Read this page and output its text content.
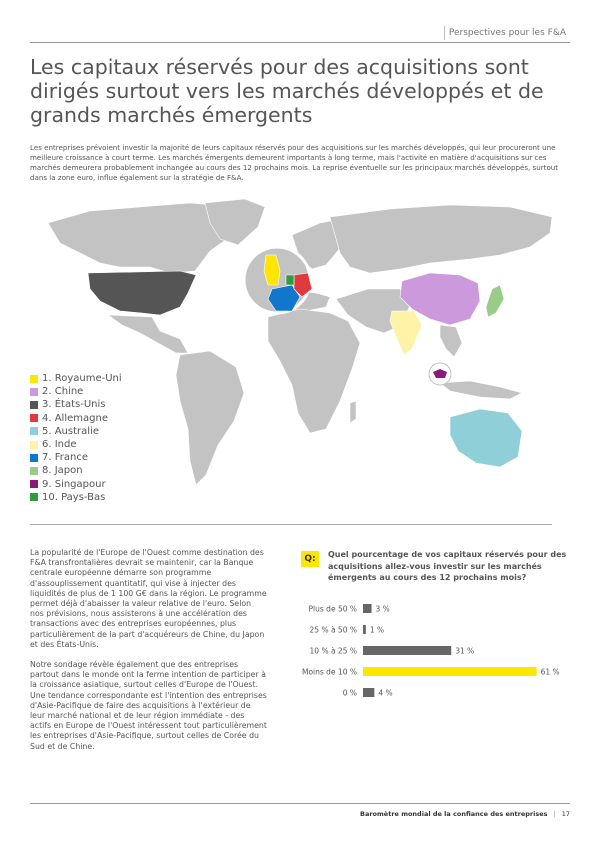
Perspectives pour les F&A
Les capitaux réservés pour des acquisitions sont dirigés surtout vers les marchés développés et de grands marchés émergents

Les entreprises prévoient investir la majorité de leurs capitaux réservés pour des acquisitions sur les marchés développés, qui leur procureront une meilleure croissance à court terme. Les marchés émergents demeurent importants à long terme, mais l'activité en matière d'acquisitions sur ces marchés demeurera probablement inchangée au cours des 12 prochains mois. La reprise éventuelle sur les principaux marchés développés, surtout dans la zone euro, influe également sur la stratégie de F&A.

1. Royaume-Uni
2. Chine
3. États-Unis
4. Allemagne
5. Australie
6. Inde
7. France
8. Japon
9. Singapour
10. Pays-Bas

La popularité de l'Europe de l'Ouest comme destination des F&A transfrontalières devrait se maintenir, car la Banque centrale européenne démarre son programme d'assouplissement quantitatif, qui vise à injecter des liquidités de plus de 1 100 G€ dans la région. Le programme permet déjà d'abaisser la valeur relative de l'euro. Selon nos prévisions, nous assisterons à une accélération des transactions avec des entreprises européennes, plus particulièrement de la part d'acquéreurs de Chine, du Japon et des États-Unis.

Notre sondage révèle également que des entreprises partout dans le monde ont la ferme intention de participer à la croissance asiatique, surtout celles d'Europe de l'Ouest. Une tendance correspondante est l'intention des entreprises d'Asie-Pacifique de faire des acquisitions à l'extérieur de leur marché national et de leur région immédiate - des actifs en Europe de l'Ouest intéressent tout particulièrement les entreprises d'Asie-Pacifique, surtout celles de Corée du Sud et de Chine.

Q:	Quel pourcentage de vos capitaux réservés pour des acquisitions allez-vous investir sur les marchés émergents au cours des 12 prochains mois?
Plus de 50 % 3 %
25 % à 50 % 1 %
10 % à 25 %	31 %
Moins de 10 %	61 %
0 %	4 %
Baromètre mondial de la confiance des entreprises | 17
